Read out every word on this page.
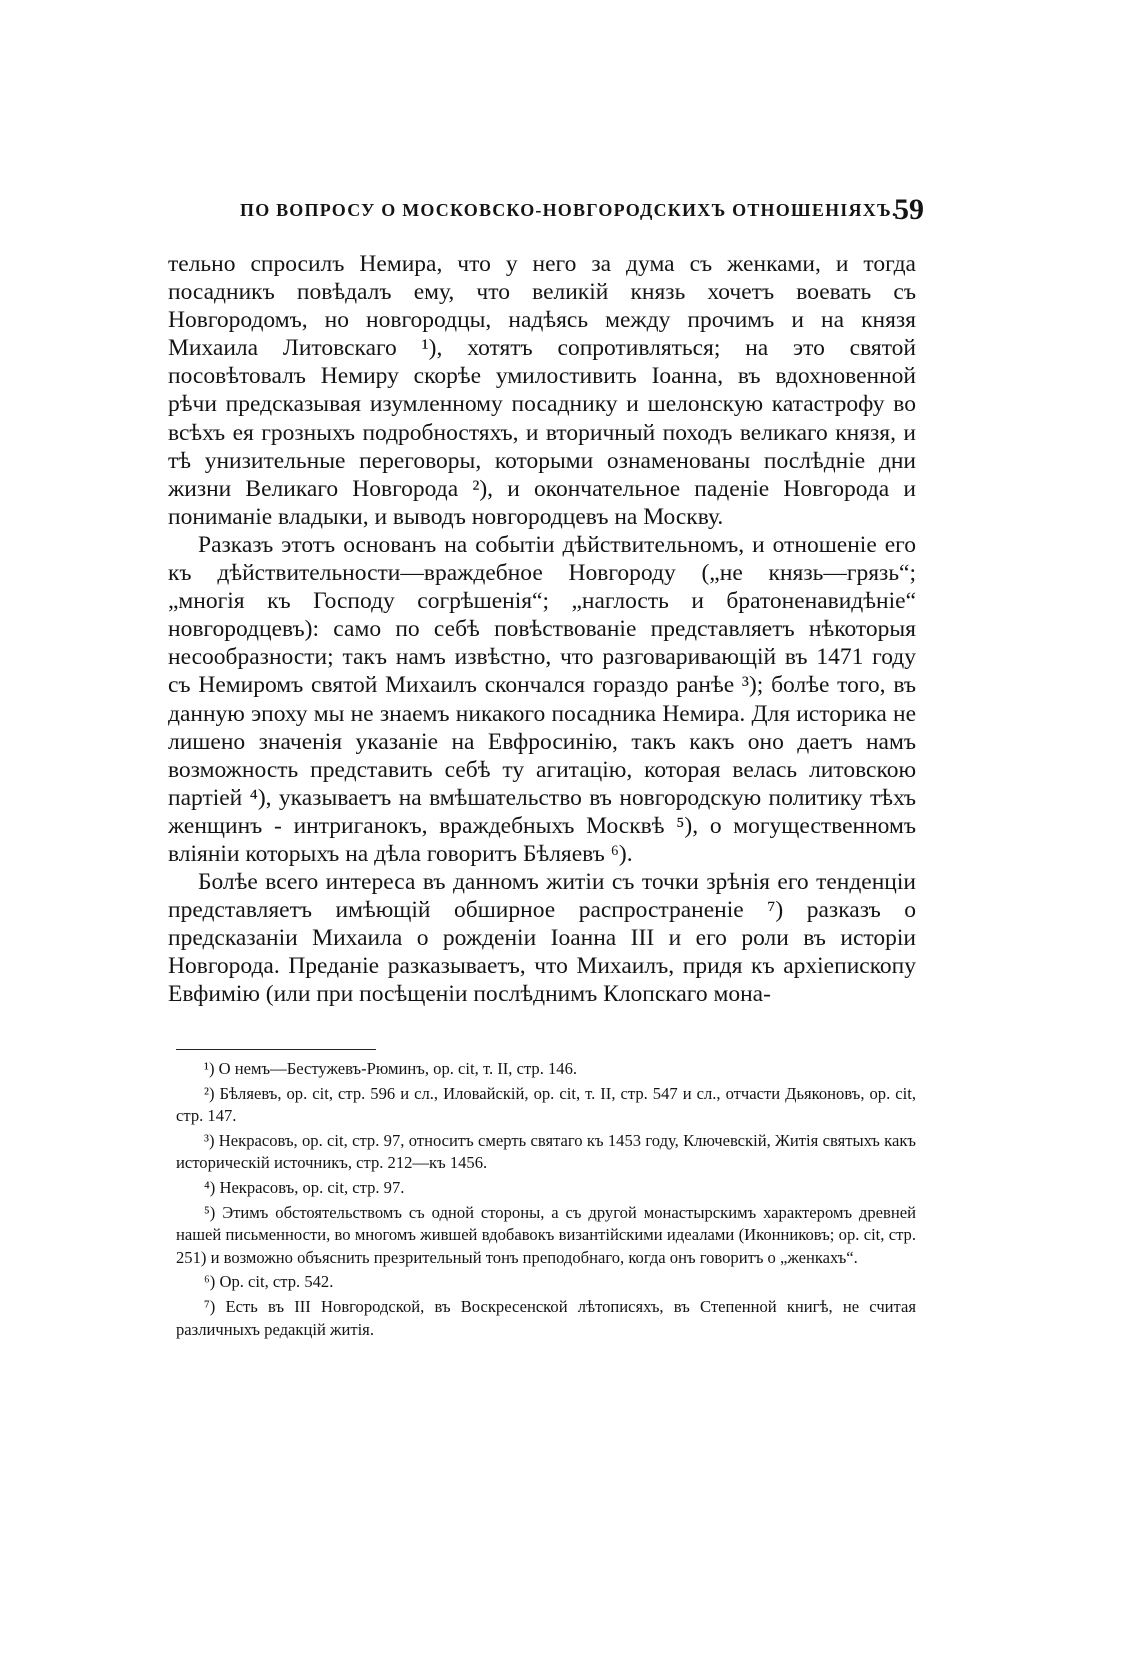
ПО ВОПРОСУ О МОСКОВСКО-НОВГОРОДСКИХЪ ОТНОШЕНІЯХЪ.
59

тельно спросилъ Немира, что у него за дума съ женками, и тогда посадникъ повѣдалъ ему, что великій князь хочетъ воевать съ Новгородомъ, но новгородцы, надѣясь между прочимъ и на князя Михаила Литовскаго ¹), хотятъ сопротивляться; на это святой посовѣтовалъ Немиру скорѣе умилостивить Іоанна, въ вдохновенной рѣчи предсказывая изумленному посаднику и шелонскую катастрофу во всѣхъ ея грозныхъ подробностяхъ, и вторичный походъ великаго князя, и тѣ унизительные переговоры, которыми ознаменованы послѣдніе дни жизни Великаго Новгорода ²), и окончательное паденіе Новгорода и пониманіе владыки, и выводъ новгородцевъ на Москву.

Разказъ этотъ основанъ на событіи дѣйствительномъ, и отношеніе его къ дѣйствительности—враждебное Новгороду („не князь—грязь“; „многія къ Господу согрѣшенія“; „наглость и братоненавидѣніе“ новгородцевъ): само по себѣ повѣствованіе представляетъ нѣкоторыя несообразности; такъ намъ извѣстно, что разговаривающій въ 1471 году съ Немиромъ святой Михаилъ скончался гораздо ранѣе ³); болѣе того, въ данную эпоху мы не знаемъ никакого посадника Немира. Для историка не лишено значенія указаніе на Евфросинію, такъ какъ оно даетъ намъ возможность представить себѣ ту агитацію, которая велась литовскою партіей ⁴), указываетъ на вмѣшательство въ новгородскую политику тѣхъ женщинъ - интриганокъ, враждебныхъ Москвѣ ⁵), о могущественномъ вліяніи которыхъ на дѣла говоритъ Бѣляевъ ⁶).

Болѣе всего интереса въ данномъ житіи съ точки зрѣнія его тенденціи представляетъ имѣющій обширное распространеніе ⁷) разказъ о предсказаніи Михаила о рожденіи Іоанна III и его роли въ исторіи Новгорода. Преданіе разказываетъ, что Михаилъ, придя къ архіепископу Евфимію (или при посѣщеніи послѣднимъ Клопскаго мона-

¹) О немъ—Бестужевъ-Рюминъ, op. cit, т. II, стр. 146.

²) Бѣляевъ, op. cit, стр. 596 и сл., Иловайскій, op. cit, т. II, стр. 547 и сл., отчасти Дьяконовъ, op. cit, стр. 147.

³) Некрасовъ, op. cit, стр. 97, относитъ смерть святаго къ 1453 году, Ключевскій, Житія святыхъ какъ историческій источникъ, стр. 212—къ 1456.

⁴) Некрасовъ, op. cit, стр. 97.

⁵) Этимъ обстоятельствомъ съ одной стороны, а съ другой монастырскимъ характеромъ древней нашей письменности, во многомъ жившей вдобавокъ византійскими идеалами (Иконниковъ; op. cit, стр. 251) и возможно объяснить презрительный тонъ преподобнаго, когда онъ говоритъ о „женкахъ“.

⁶) Op. cit, стр. 542.

⁷) Есть въ III Новгородской, въ Воскресенской лѣтописяхъ, въ Степенной книгѣ, не считая различныхъ редакцій житія.
